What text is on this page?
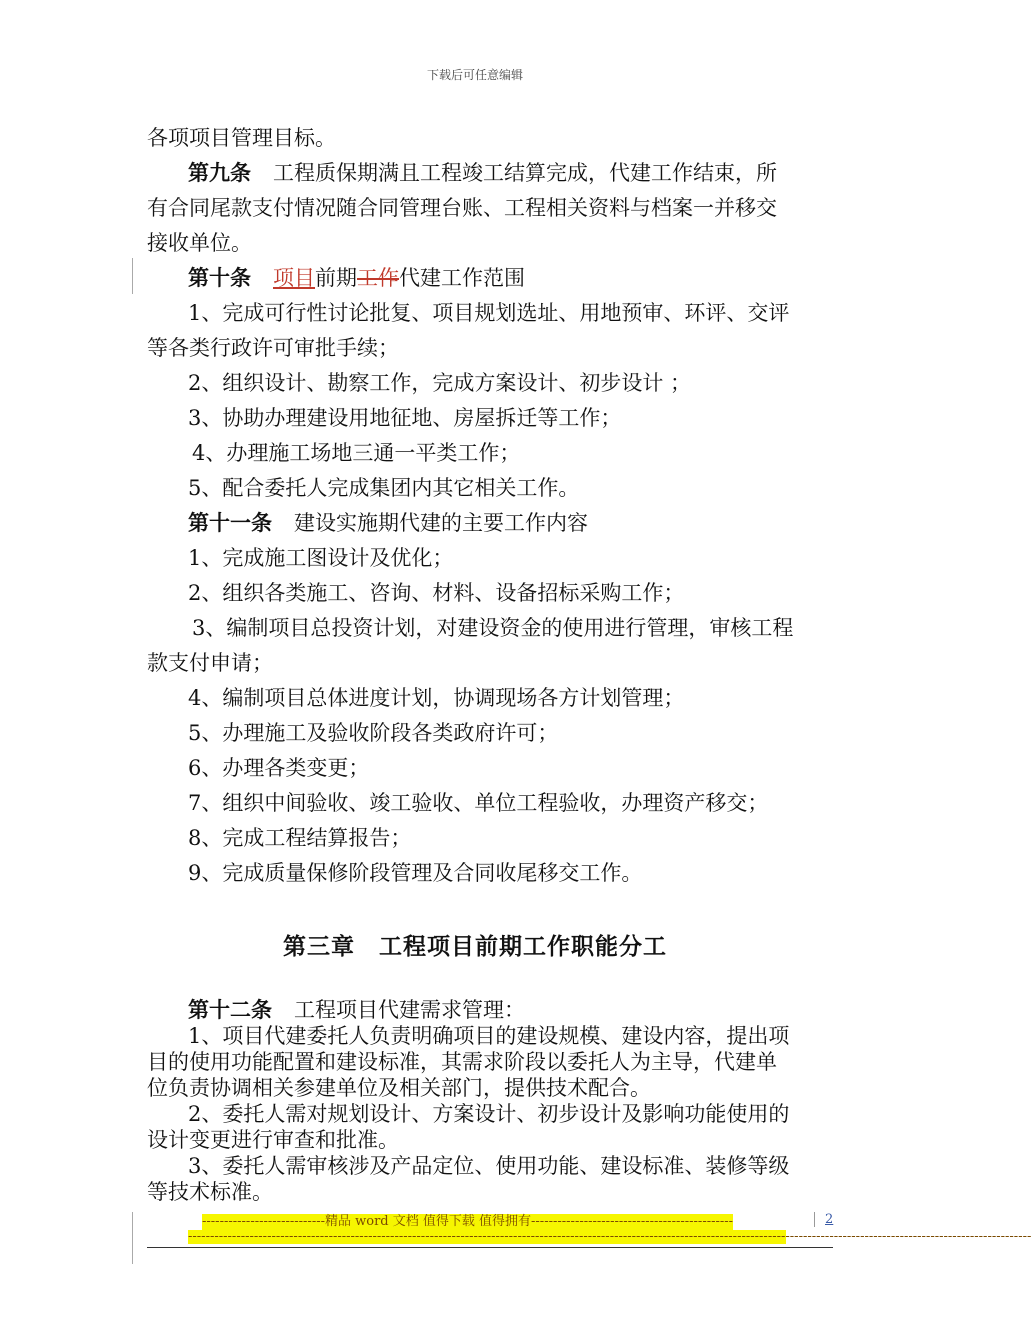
下载后可任意编辑
各项项目管理目标。
第九条 工程质保期满且工程竣工结算完成，代建工作结束，所
有合同尾款支付情况随合同管理台账、工程相关资料与档案一并移交
接收单位。
第十条 项目前期工作代建工作范围
1、完成可行性讨论批复、项目规划选址、用地预审、环评、交评
等各类行政许可审批手续；
2、组织设计、勘察工作，完成方案设计、初步设计 ；
3、协助办理建设用地征地、房屋拆迁等工作；
4、办理施工场地三通一平类工作；
5、配合委托人完成集团内其它相关工作。
第十一条 建设实施期代建的主要工作内容
1、完成施工图设计及优化；
2、组织各类施工、咨询、材料、设备招标采购工作；
3、编制项目总投资计划，对建设资金的使用进行管理，审核工程
款支付申请；
4、编制项目总体进度计划，协调现场各方计划管理；
5、办理施工及验收阶段各类政府许可；
6、办理各类变更；
7、组织中间验收、竣工验收、单位工程验收，办理资产移交；
8、完成工程结算报告；
9、完成质量保修阶段管理及合同收尾移交工作。
第三章　工程项目前期工作职能分工
第十二条 工程项目代建需求管理：
1、项目代建委托人负责明确项目的建设规模、建设内容，提出项
目的使用功能配置和建设标准，其需求阶段以委托人为主导，代建单
位负责协调相关参建单位及相关部门，提供技术配合。
2、委托人需对规划设计、方案设计、初步设计及影响功能使用的
设计变更进行审查和批准。
3、委托人需审核涉及产品定位、使用功能、建设标准、装修等级
等技术标准。
----------------------------精品 word 文档 值得下载 值得拥有----------------------------------------------
------------------------------------------------------------------------------------------------------------------------------------------------------------------------------------------------
2
